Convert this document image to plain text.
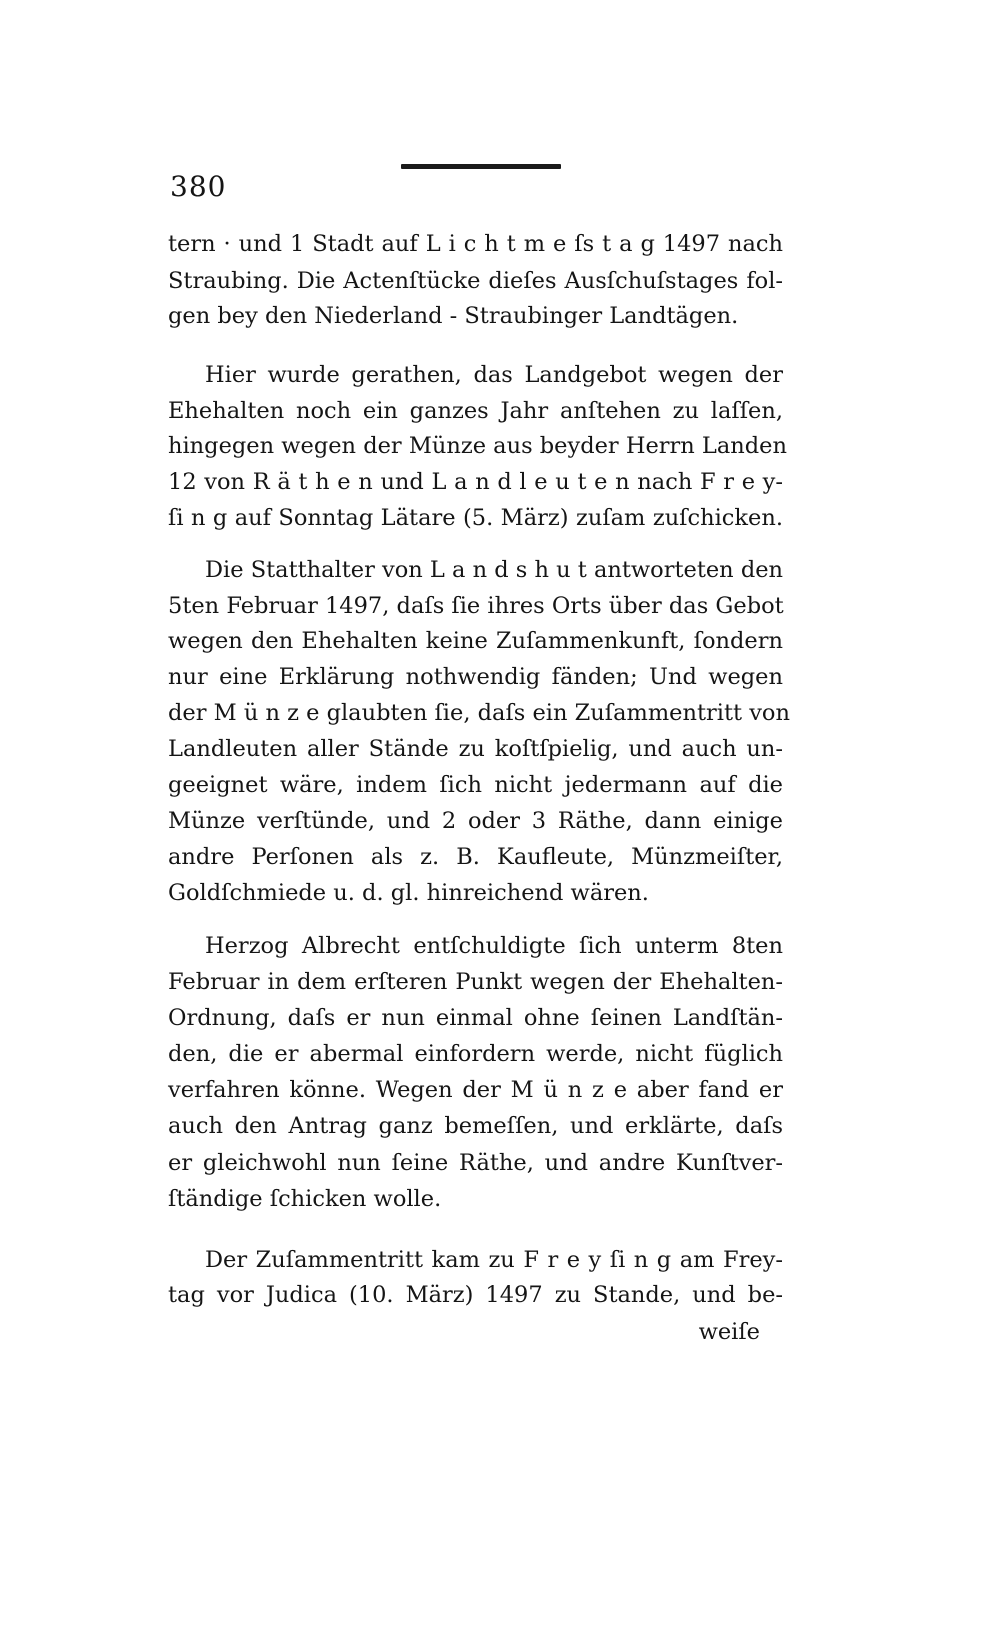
380
tern · und 1 Stadt auf L i c h t m e ſs t a g 1497 nach
Straubing. Die Actenſtücke dieſes Ausſchuſstages fol-
gen bey den Niederland - Straubinger Landtägen.
Hier wurde gerathen, das Landgebot wegen der
Ehehalten noch ein ganzes Jahr anſtehen zu laſſen,
hingegen wegen der Münze aus beyder Herrn Landen
12 von R ä t h e n und L a n d l e u t e n nach F r e y-
ſi n g auf Sonntag Lätare (5. März) zuſam zuſchicken.
Die Statthalter von L a n d s h u t antworteten den
5ten Februar 1497, daſs ſie ihres Orts über das Gebot
wegen den Ehehalten keine Zuſammenkunft, ſondern
nur eine Erklärung nothwendig fänden; Und wegen
der M ü n z e glaubten ſie, daſs ein Zuſammentritt von
Landleuten aller Stände zu koſtſpielig, und auch un-
geeignet wäre, indem ſich nicht jedermann auf die
Münze verſtünde, und 2 oder 3 Räthe, dann einige
andre Perſonen als z. B. Kaufleute, Münzmeiſter,
Goldſchmiede u. d. gl. hinreichend wären.
Herzog Albrecht entſchuldigte ſich unterm 8ten
Februar in dem erſteren Punkt wegen der Ehehalten-
Ordnung, daſs er nun einmal ohne ſeinen Landſtän-
den, die er abermal einfordern werde, nicht füglich
verfahren könne. Wegen der M ü n z e aber fand er
auch den Antrag ganz bemeſſen, und erklärte, daſs
er gleichwohl nun ſeine Räthe, und andre Kunſtver-
ſtändige ſchicken wolle.
Der Zuſammentritt kam zu F r e y ſi n g am Frey-
tag vor Judica (10. März) 1497 zu Stande, und be-
weiſe
